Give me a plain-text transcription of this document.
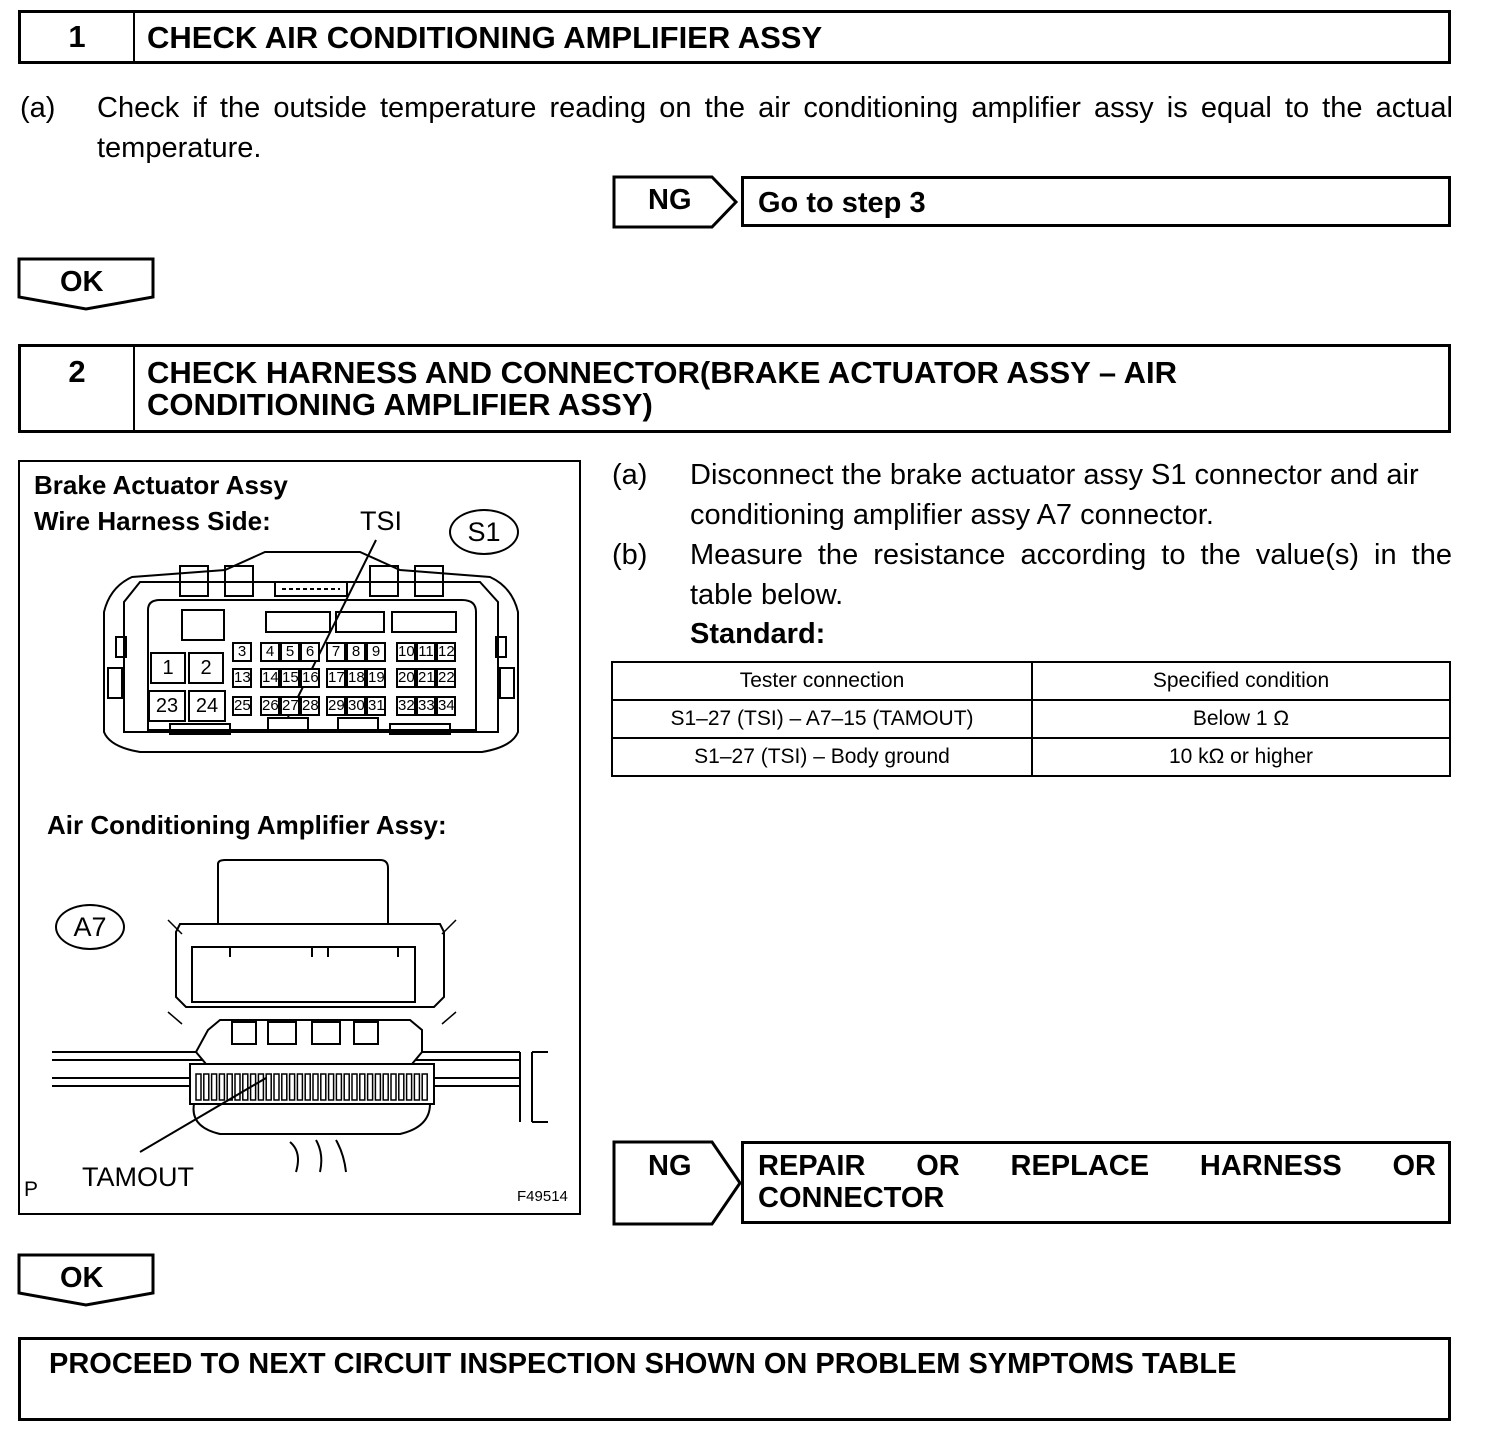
1	CHECK AIR CONDITIONING AMPLIFIER ASSY
(a) Check if the outside temperature reading on the air conditioning amplifier assy is equal to the actual temperature.
NG Go to step 3
OK
2	CHECK HARNESS AND CONNECTOR(BRAKE ACTUATOR ASSY – AIR
CONDITIONING AMPLIFIER ASSY)
Brake Actuator Assy
Wire Harness Side:	TSI	S1
1	2
23 24
3	4 5 6	7 8 9	10 11 12
13 14 15 16 17 18 19 20 21 22
25 26 27 28 29 30 31 32 33 34
Air Conditioning Amplifier Assy:
A7
TAMOUT
P	F49514
(a) Disconnect the brake actuator assy S1 connector and air
conditioning amplifier assy A7 connector.
(b) Measure the resistance according to the value(s) in the
table below.
Standard:
Tester connection	Specified condition
S1–27 (TSI) – A7–15 (TAMOUT)	Below 1 Ω
S1–27 (TSI) – Body ground	10 kΩ or higher
NG REPAIR OR REPLACE HARNESS OR
CONNECTOR
OK
PROCEED TO NEXT CIRCUIT INSPECTION SHOWN ON PROBLEM SYMPTOMS TABLE
